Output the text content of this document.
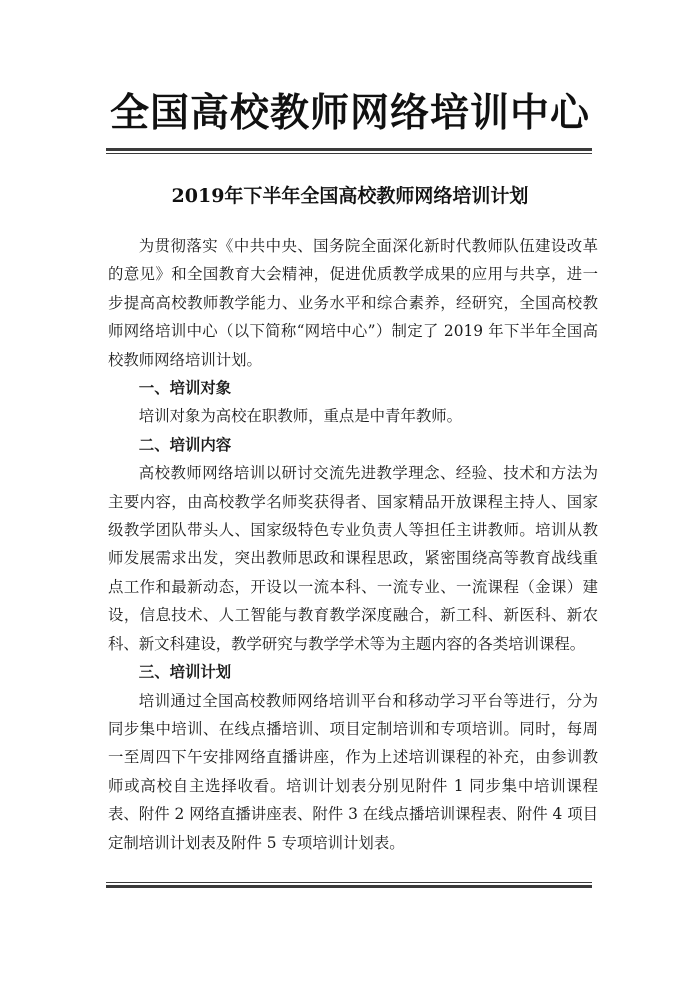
全国高校教师网络培训中心
2019年下半年全国高校教师网络培训计划

为贯彻落实《中共中央、国务院全面深化新时代教师队伍建设改革的意见》和全国教育大会精神，促进优质教学成果的应用与共享，进一步提高高校教师教学能力、业务水平和综合素养，经研究，全国高校教师网络培训中心（以下简称“网培中心”）制定了 2019 年下半年全国高校教师网络培训计划。

一、培训对象

培训对象为高校在职教师，重点是中青年教师。

二、培训内容

高校教师网络培训以研讨交流先进教学理念、经验、技术和方法为主要内容，由高校教学名师奖获得者、国家精品开放课程主持人、国家级教学团队带头人、国家级特色专业负责人等担任主讲教师。培训从教师发展需求出发，突出教师思政和课程思政，紧密围绕高等教育战线重点工作和最新动态，开设以一流本科、一流专业、一流课程（金课）建设，信息技术、人工智能与教育教学深度融合，新工科、新医科、新农科、新文科建设，教学研究与教学学术等为主题内容的各类培训课程。

三、培训计划

培训通过全国高校教师网络培训平台和移动学习平台等进行，分为同步集中培训、在线点播培训、项目定制培训和专项培训。同时，每周一至周四下午安排网络直播讲座，作为上述培训课程的补充，由参训教师或高校自主选择收看。培训计划表分别见附件 1 同步集中培训课程表、附件 2 网络直播讲座表、附件 3 在线点播培训课程表、附件 4 项目定制培训计划表及附件 5 专项培训计划表。
